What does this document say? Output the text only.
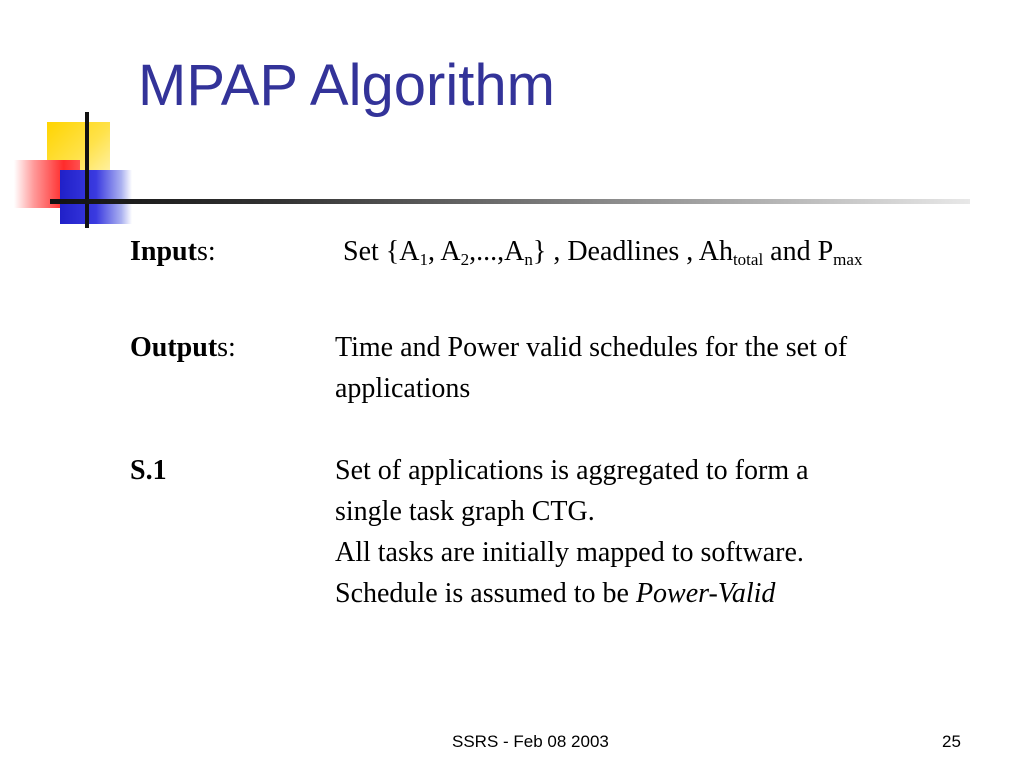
MPAP Algorithm
Inputs:	Set {$A_1$, $A_2,...,A_n$} , Deadlines , $Ah_{total}$ and $P_{max}$
Outputs:	Time and Power valid schedules for the set of
applications
S.1	Set of applications is aggregated to form a
single task graph CTG.
All tasks are initially mapped to software.
Schedule is assumed to be Power-Valid
SSRS - Feb 08 2003	25
